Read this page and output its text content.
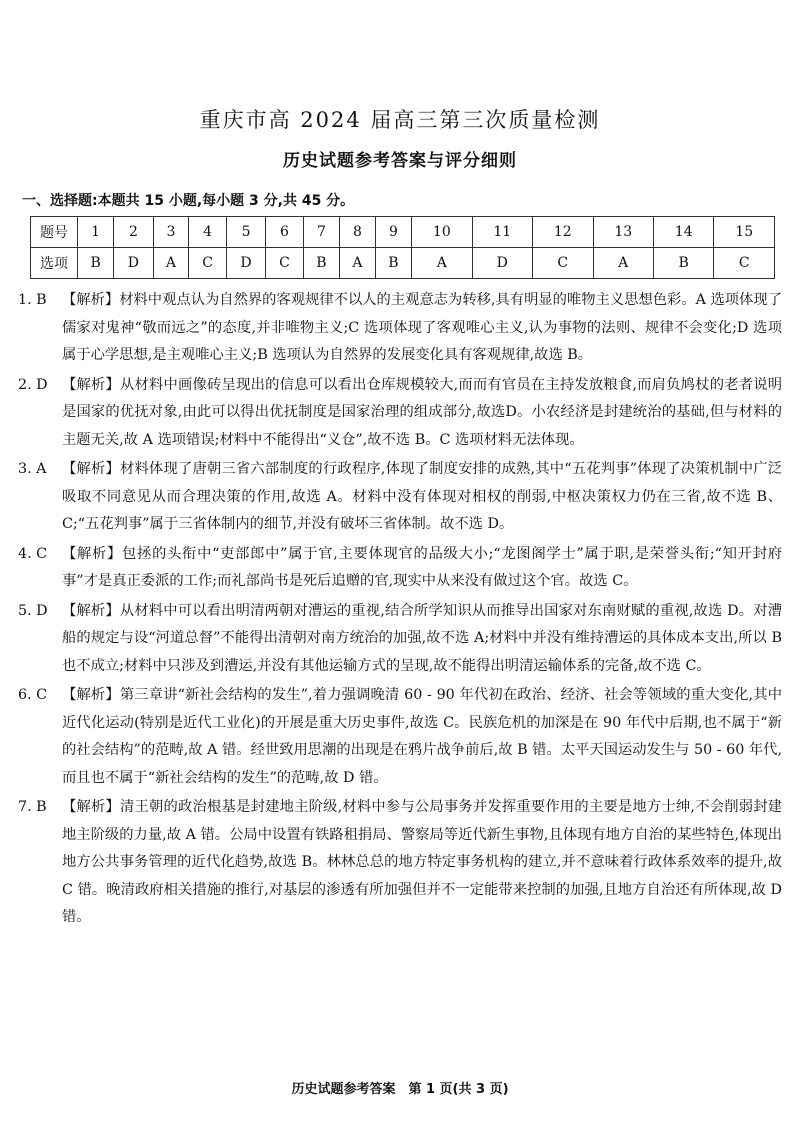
重庆市高 2024 届高三第三次质量检测
历史试题参考答案与评分细则
一、选择题:本题共 15 小题,每小题 3 分,共 45 分。
题号	1	2	3	4	5	6	7	8	9	10	11	12	13	14	15
选项	B	D	A	C	D	C	B	A	B	A	D	C	A	B	C
1. B 【解析】材料中观点认为自然界的客观规律不以人的主观意志为转移,具有明显的唯物主义思想色彩。A 选项体现了儒家对鬼神“敬而远之”的态度,并非唯物主义;C 选项体现了客观唯心主义,认为事物的法则、规律不会变化;D 选项属于心学思想,是主观唯心主义;B 选项认为自然界的发展变化具有客观规律,故选 B。
2. D 【解析】从材料中画像砖呈现出的信息可以看出仓库规模较大,而而有官员在主持发放粮食,而肩负鸠杖的老者说明是国家的优抚对象,由此可以得出优抚制度是国家治理的组成部分,故选D。小农经济是封建统治的基础,但与材料的主题无关,故 A 选项错误;材料中不能得出“义仓”,故不选 B。C 选项材料无法体现。
3. A 【解析】材料体现了唐朝三省六部制度的行政程序,体现了制度安排的成熟,其中“五花判事”体现了决策机制中广泛吸取不同意见从而合理决策的作用,故选 A。材料中没有体现对相权的削弱,中枢决策权力仍在三省,故不选 B、C;“五花判事”属于三省体制内的细节,并没有破坏三省体制。故不选 D。
4. C 【解析】包拯的头衔中“吏部郎中”属于官,主要体现官的品级大小;“龙图阁学士”属于职,是荣誉头衔;“知开封府事”才是真正委派的工作;而礼部尚书是死后追赠的官,现实中从来没有做过这个官。故选 C。
5. D 【解析】从材料中可以看出明清两朝对漕运的重视,结合所学知识从而推导出国家对东南财赋的重视,故选 D。对漕船的规定与设“河道总督”不能得出清朝对南方统治的加强,故不选 A;材料中并没有维持漕运的具体成本支出,所以 B 也不成立;材料中只涉及到漕运,并没有其他运输方式的呈现,故不能得出明清运输体系的完备,故不选 C。
6. C 【解析】第三章讲“新社会结构的发生”,着力强调晚清 60 - 90 年代初在政治、经济、社会等领域的重大变化,其中近代化运动(特别是近代工业化)的开展是重大历史事件,故选 C。民族危机的加深是在 90 年代中后期,也不属于“新的社会结构”的范畴,故 A 错。经世致用思潮的出现是在鸦片战争前后,故 B 错。太平天国运动发生与 50 - 60 年代,而且也不属于“新社会结构的发生”的范畴,故 D 错。
7. B 【解析】清王朝的政治根基是封建地主阶级,材料中参与公局事务并发挥重要作用的主要是地方士绅,不会削弱封建地主阶级的力量,故 A 错。公局中设置有铁路租捐局、警察局等近代新生事物,且体现有地方自治的某些特色,体现出地方公共事务管理的近代化趋势,故选 B。林林总总的地方特定事务机构的建立,并不意味着行政体系效率的提升,故 C 错。晚清政府相关措施的推行,对基层的渗透有所加强但并不一定能带来控制的加强,且地方自治还有所体现,故 D 错。
历史试题参考答案　第 1 页(共 3 页)
